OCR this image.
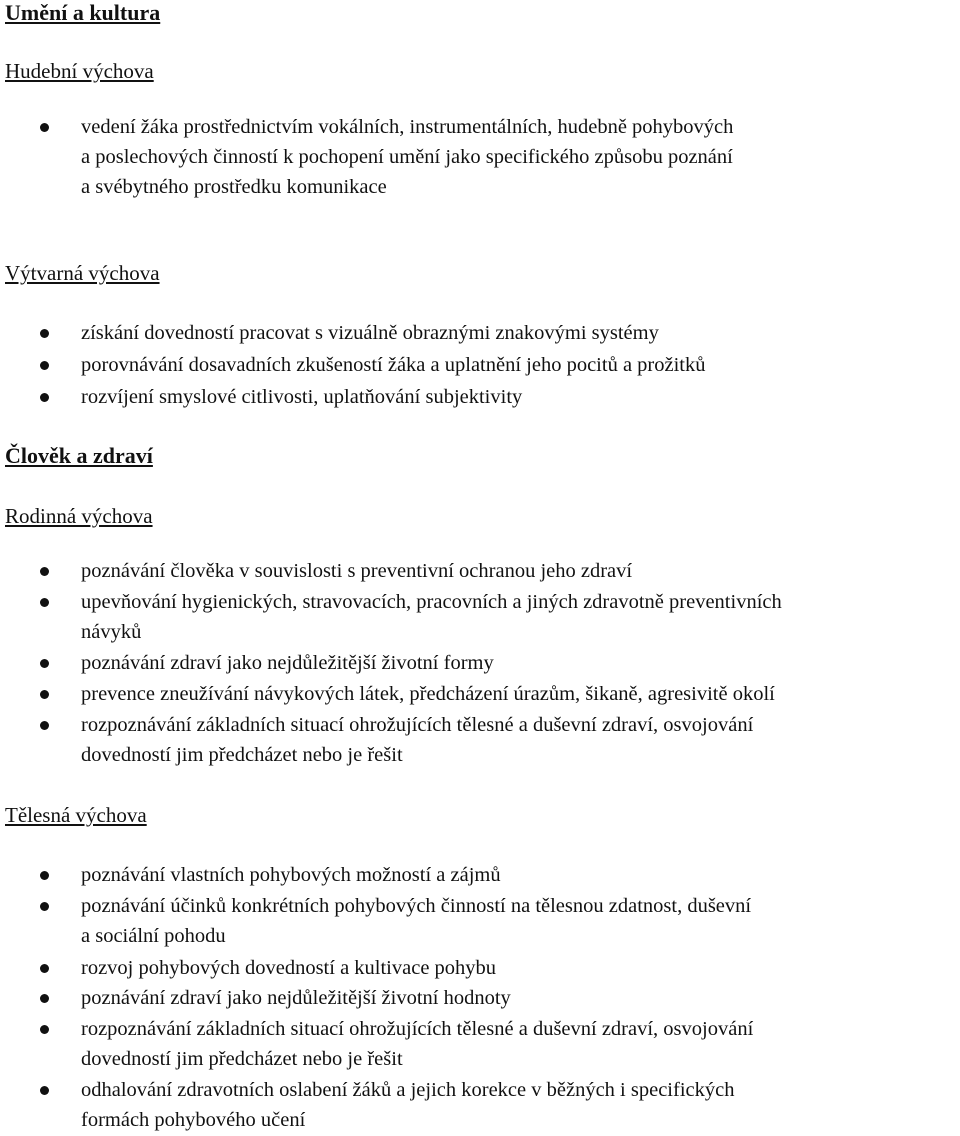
Umění a kultura
Hudební výchova
vedení žáka prostřednictvím vokálních, instrumentálních, hudebně pohybových
a poslechových činností k pochopení umění jako specifického způsobu poznání
a svébytného prostředku komunikace
Výtvarná výchova
získání dovedností pracovat s vizuálně obraznými znakovými systémy
porovnávání dosavadních zkušeností žáka a uplatnění jeho pocitů a prožitků
rozvíjení smyslové citlivosti, uplatňování subjektivity
Člověk a zdraví
Rodinná výchova
poznávání člověka v souvislosti s preventivní ochranou jeho zdraví
upevňování hygienických, stravovacích, pracovních a jiných zdravotně preventivních
návyků
poznávání zdraví jako nejdůležitější životní formy
prevence zneužívání návykových látek, předcházení úrazům, šikaně, agresivitě okolí
rozpoznávání základních situací ohrožujících tělesné a duševní zdraví, osvojování
dovedností jim předcházet nebo je řešit
Tělesná výchova
poznávání vlastních pohybových možností a zájmů
poznávání účinků konkrétních pohybových činností na tělesnou zdatnost, duševní
a sociální pohodu
rozvoj pohybových dovedností a kultivace pohybu
poznávání zdraví jako nejdůležitější životní hodnoty
rozpoznávání základních situací ohrožujících tělesné a duševní zdraví, osvojování
dovedností jim předcházet nebo je řešit
odhalování zdravotních oslabení žáků a jejich korekce v běžných i specifických
formách pohybového učení
